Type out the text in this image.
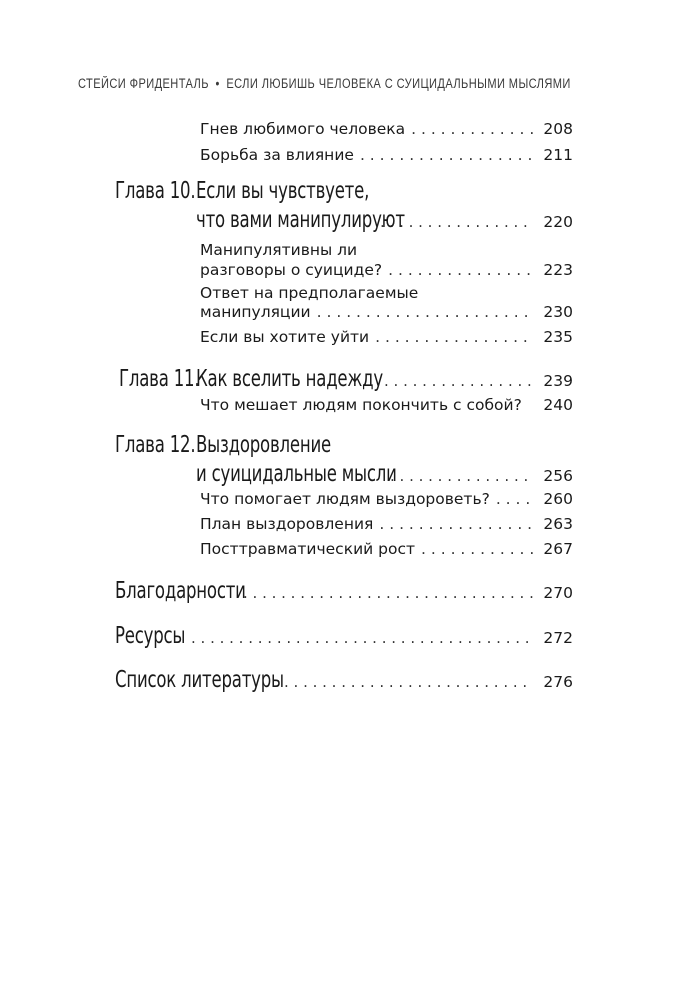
СТЕЙСИ ФРИДЕНТАЛЬ • ЕСЛИ ЛЮБИШЬ ЧЕЛОВЕКА С СУИЦИДАЛЬНЫМИ МЫСЛЯМИ
Гнев любимого человека . . .	208
Борьба за влияние . . .	211
Глава 10. Если вы чувствуете,
что вами манипулируют . . .	220
Манипулятивны ли
разговоры о суициде? . . .	223
Ответ на предполагаемые
манипуляции . . .	230
Если вы хотите уйти . . .	235
Глава 11.
Как вселить надежду . . .	239
Что мешает людям покончить с собой? 240
Глава 12. Выздоровление
и суицидальные мысли . . .	256
Что помогает людям выздороветь? . . .	260
План выздоровления . . .	263
Посттравматический рост . . .	267
Благодарности . . .	270
Ресурсы . . .	272
Список литературы . . .	276
